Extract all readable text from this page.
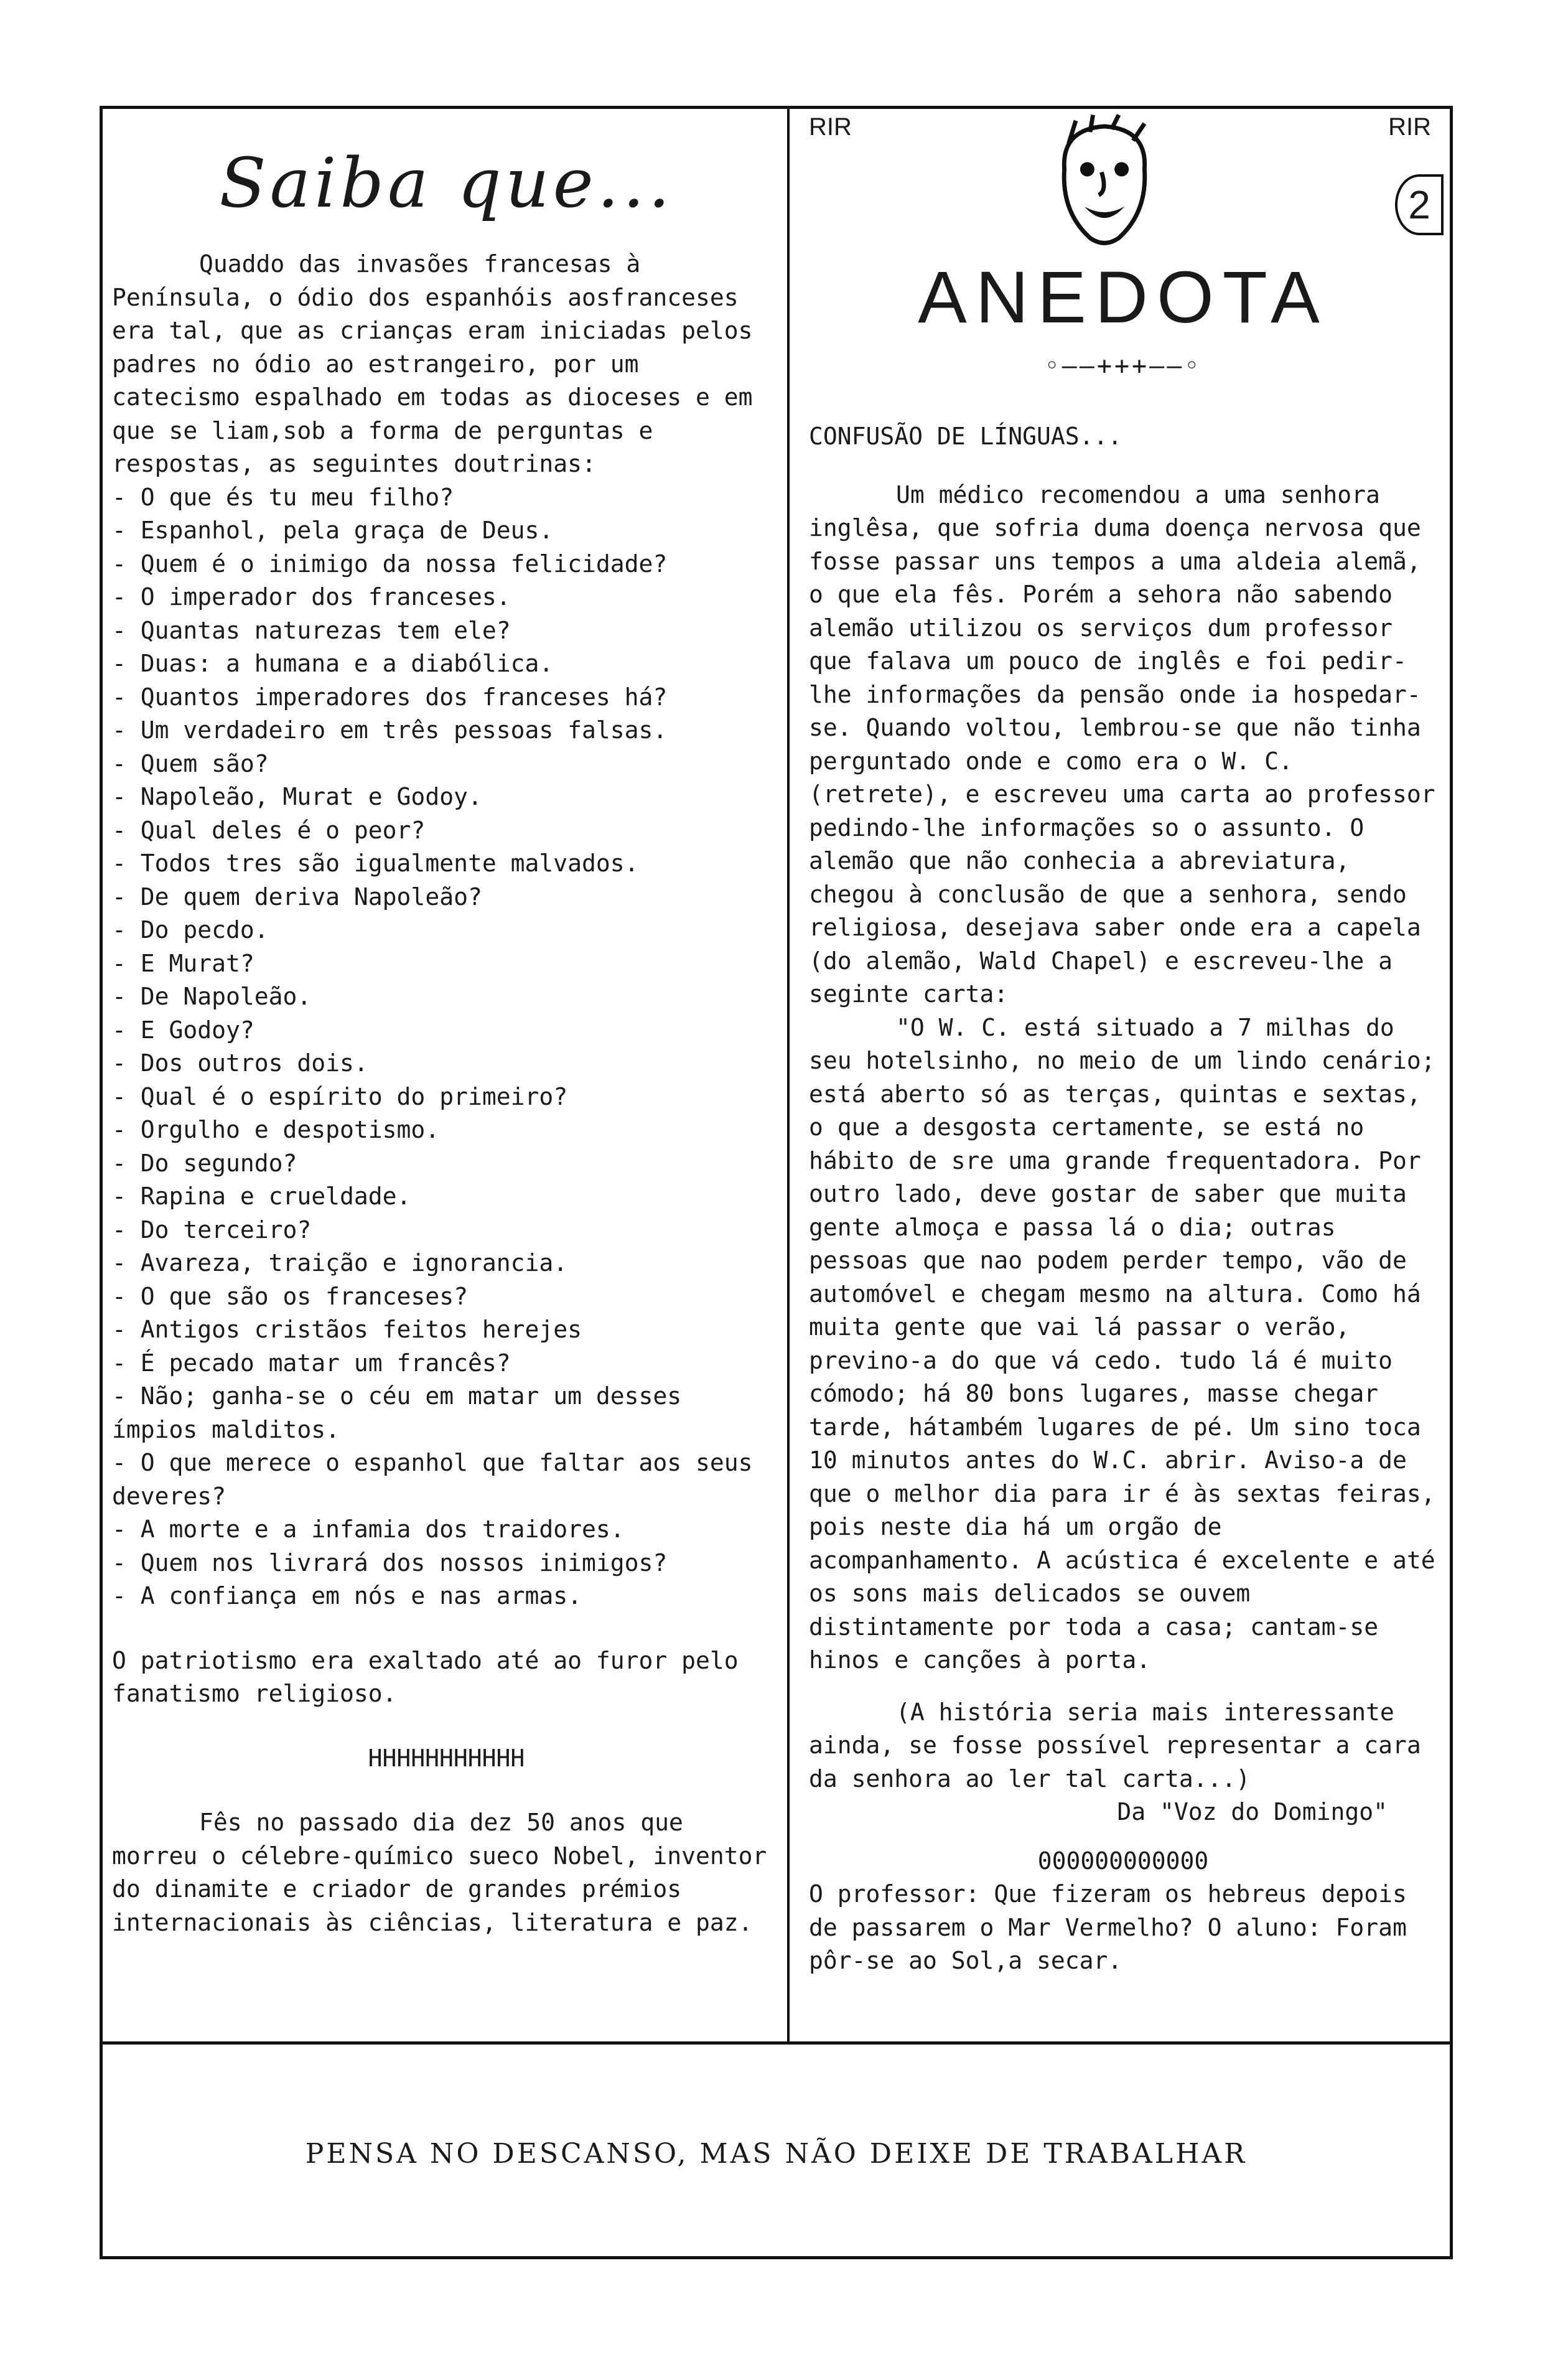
Saiba que...

Quaddo das invasões francesas à Península, o ódio dos espanhóis aosfranceses era tal, que as crianças eram iniciadas pelos padres no ódio ao estrangeiro, por um catecismo espalhado em todas as dioceses e em que se liam,sob a forma de perguntas e respostas, as seguintes doutrinas:

- O que és tu meu filho?
- Espanhol, pela graça de Deus.
- Quem é o inimigo da nossa felicidade?
- O imperador dos franceses.
- Quantas naturezas tem ele?
- Duas: a humana e a diabólica.
- Quantos imperadores dos franceses há?
- Um verdadeiro em três pessoas falsas.
- Quem são?
- Napoleão, Murat e Godoy.
- Qual deles é o peor?
- Todos tres são igualmente malvados.
- De quem deriva Napoleão?
- Do pecdo.
- E Murat?
- De Napoleão.
- E Godoy?
- Dos outros dois.
- Qual é o espírito do primeiro?
- Orgulho e despotismo.
- Do segundo?
- Rapina e crueldade.
- Do terceiro?
- Avareza, traição e ignorancia.
- O que são os franceses?
- Antigos cristãos feitos herejes
- É pecado matar um francês?
- Não; ganha-se o céu em matar um desses ímpios malditos.
- O que merece o espanhol que faltar aos seus deveres?
- A morte e a infamia dos traidores.
- Quem nos livrará dos nossos inimigos?
- A confiança em nós e nas armas.

O patriotismo era exaltado até ao furor pelo fanatismo religioso.

HHHHHHHHHHH

Fês no passado dia dez 50 anos que morreu o célebre-químico sueco Nobel, inventor do dinamite e criador de grandes prémios internacionais às ciências, literatura e paz.

RIR	RIR
2
ANEDOTA
◦——+++——◦

CONFUSÃO DE LÍNGUAS...

Um médico recomendou a uma senhora inglêsa, que sofria duma doença nervosa que fosse passar uns tempos a uma aldeia alemã, o que ela fês. Porém a sehora não sabendo alemão utilizou os serviços dum professor que falava um pouco de inglês e foi pedir-lhe informações da pensão onde ia hospedar-se. Quando voltou, lembrou-se que não tinha perguntado onde e como era o W. C. (retrete), e escreveu uma carta ao professor pedindo-lhe informações so o assunto. O alemão que não conhecia a abreviatura, chegou à conclusão de que a senhora, sendo religiosa, desejava saber onde era a capela (do alemão, Wald Chapel) e escreveu-lhe a seginte carta:

"O W. C. está situado a 7 milhas do seu hotelsinho, no meio de um lindo cenário; está aberto só as terças, quintas e sextas, o que a desgosta certamente, se está no hábito de sre uma grande frequentadora. Por outro lado, deve gostar de saber que muita gente almoça e passa lá o dia; outras pessoas que nao podem perder tempo, vão de automóvel e chegam mesmo na altura. Como há muita gente que vai lá passar o verão, previno-a do que vá cedo. tudo lá é muito cómodo; há 80 bons lugares, masse chegar tarde, hátambém lugares de pé. Um sino toca 10 minutos antes do W.C. abrir. Aviso-a de que o melhor dia para ir é às sextas feiras, pois neste dia há um orgão de acompanhamento. A acústica é excelente e até os sons mais delicados se ouvem distintamente por toda a casa; cantam-se hinos e canções à porta.

(A história seria mais interessante ainda, se fosse possível representar a cara da senhora ao ler tal carta...)

Da "Voz do Domingo"

000000000000

O professor: Que fizeram os hebreus depois de passarem o Mar Vermelho? O aluno: Foram pôr-se ao Sol,a secar.

PENSA NO DESCANSO, MAS NÃO DEIXE DE TRABALHAR
